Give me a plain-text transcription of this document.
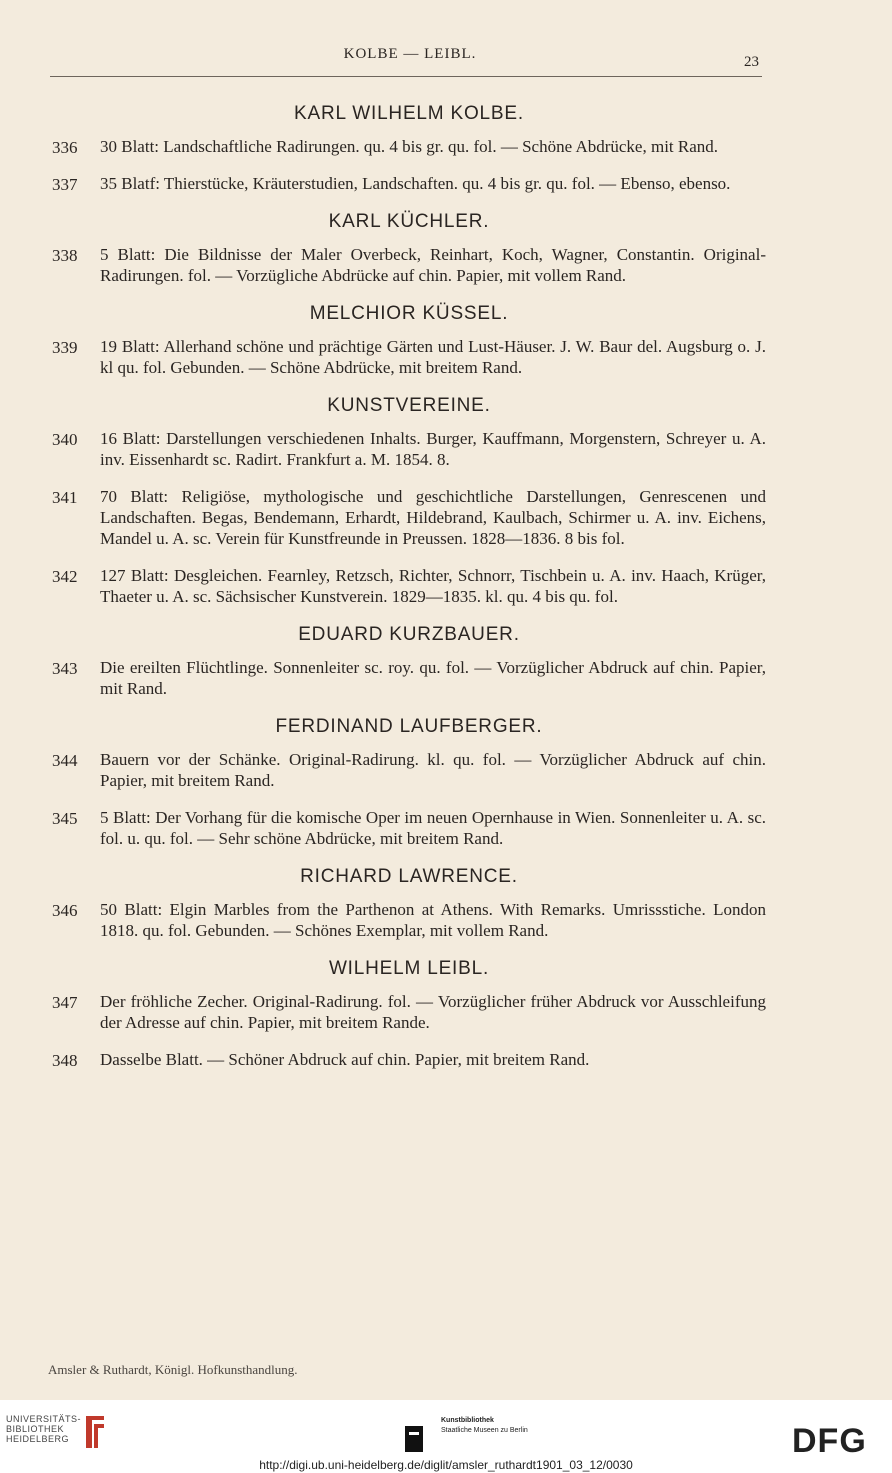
KOLBE — LEIBL.	23
KARL WILHELM KOLBE.
336 30 Blatt: Landschaftliche Radirungen. qu. 4 bis gr. qu. fol. — Schöne Abdrücke, mit Rand.
337 35 Blatf: Thierstücke, Kräuterstudien, Landschaften. qu. 4 bis gr. qu. fol. — Ebenso, ebenso.
KARL KÜCHLER.
338 5 Blatt: Die Bildnisse der Maler Overbeck, Reinhart, Koch, Wagner, Constantin. Original-Radirungen. fol. — Vorzügliche Abdrücke auf chin. Papier, mit vollem Rand.
MELCHIOR KÜSSEL.
339 19 Blatt: Allerhand schöne und prächtige Gärten und Lust-Häuser. J. W. Baur del. Augsburg o. J. kl qu. fol. Gebunden. — Schöne Abdrücke, mit breitem Rand.
KUNSTVEREINE.
340 16 Blatt: Darstellungen verschiedenen Inhalts. Burger, Kauffmann, Morgenstern, Schreyer u. A. inv. Eissenhardt sc. Radirt. Frankfurt a. M. 1854. 8.
341 70 Blatt: Religiöse, mythologische und geschichtliche Darstellungen, Genrescenen und Landschaften. Begas, Bendemann, Erhardt, Hildebrand, Kaulbach, Schirmer u. A. inv. Eichens, Mandel u. A. sc. Verein für Kunstfreunde in Preussen. 1828—1836. 8 bis fol.
342 127 Blatt: Desgleichen. Fearnley, Retzsch, Richter, Schnorr, Tischbein u. A. inv. Haach, Krüger, Thaeter u. A. sc. Sächsischer Kunstverein. 1829—1835. kl. qu. 4 bis qu. fol.
EDUARD KURZBAUER.
343 Die ereilten Flüchtlinge. Sonnenleiter sc. roy. qu. fol. — Vorzüglicher Abdruck auf chin. Papier, mit Rand.
FERDINAND LAUFBERGER.
344 Bauern vor der Schänke. Original-Radirung. kl. qu. fol. — Vorzüglicher Abdruck auf chin. Papier, mit breitem Rand.
345 5 Blatt: Der Vorhang für die komische Oper im neuen Opernhause in Wien. Sonnenleiter u. A. sc. fol. u. qu. fol. — Sehr schöne Abdrücke, mit breitem Rand.
RICHARD LAWRENCE.
346 50 Blatt: Elgin Marbles from the Parthenon at Athens. With Remarks. Umrissstiche. London 1818. qu. fol. Gebunden. — Schönes Exemplar, mit vollem Rand.
WILHELM LEIBL.
347 Der fröhliche Zecher. Original-Radirung. fol. — Vorzüglicher früher Abdruck vor Ausschleifung der Adresse auf chin. Papier, mit breitem Rande.
348 Dasselbe Blatt. — Schöner Abdruck auf chin. Papier, mit breitem Rand.
Amsler & Ruthardt, Königl. Hofkunsthandlung.
UNIVERSITÄTS-
BIBLIOTHEK
HEIDELBERG
Kunstbibliothek
Staatliche Museen zu Berlin	DFG
http://digi.ub.uni-heidelberg.de/diglit/amsler_ruthardt1901_03_12/0030
